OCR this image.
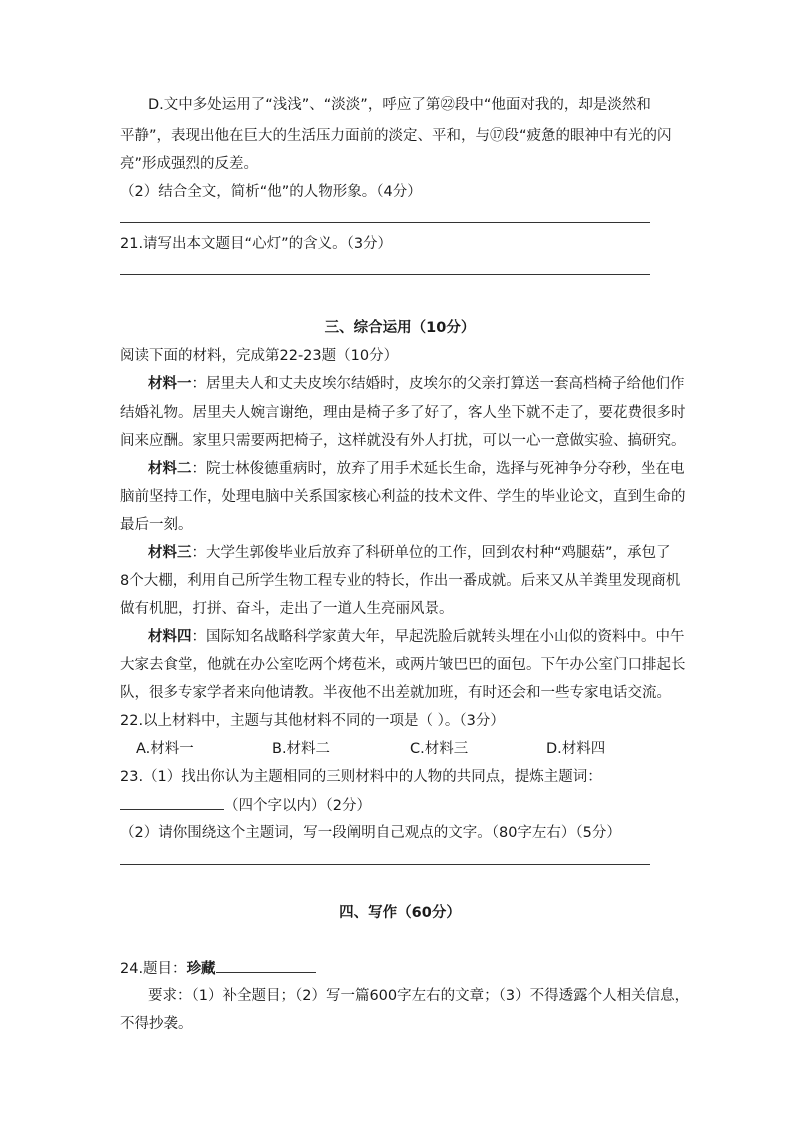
D.文中多处运用了“浅浅”、“淡淡”，呼应了第㉒段中“他面对我的，却是淡然和
平静”，表现出他在巨大的生活压力面前的淡定、平和，与⑰段“疲惫的眼神中有光的闪
亮”形成强烈的反差。
（2）结合全文，简析“他”的人物形象。（4分）
21.请写出本文题目“心灯”的含义。（3分）
三、综合运用（10分）
阅读下面的材料，完成第22-23题（10分）
材料一：居里夫人和丈夫皮埃尔结婚时，皮埃尔的父亲打算送一套高档椅子给他们作
结婚礼物。居里夫人婉言谢绝，理由是椅子多了好了，客人坐下就不走了，要花费很多时
间来应酬。家里只需要两把椅子，这样就没有外人打扰，可以一心一意做实验、搞研究。
材料二：院士林俊德重病时，放弃了用手术延长生命，选择与死神争分夺秒，坐在电
脑前坚持工作，处理电脑中关系国家核心利益的技术文件、学生的毕业论文，直到生命的
最后一刻。
材料三：大学生郭俊毕业后放弃了科研单位的工作，回到农村种“鸡腿菇”，承包了
8个大棚，利用自己所学生物工程专业的特长，作出一番成就。后来又从羊粪里发现商机
做有机肥，打拼、奋斗，走出了一道人生亮丽风景。
材料四：国际知名战略科学家黄大年，早起洗脸后就转头埋在小山似的资料中。中午
大家去食堂，他就在办公室吃两个烤苞米，或两片皱巴巴的面包。下午办公室门口排起长
队，很多专家学者来向他请教。半夜他不出差就加班，有时还会和一些专家电话交流。
22.以上材料中，主题与其他材料不同的一项是（ ）。（3分）
A.材料一	B.材料二	C.材料三	D.材料四
23.（1）找出你认为主题相同的三则材料中的人物的共同点，提炼主题词：
（四个字以内）（2分）
（2）请你围绕这个主题词，写一段阐明自己观点的文字。（80字左右）（5分）
四、写作（60分）
24.题目：珍藏
要求：（1）补全题目；（2）写一篇600字左右的文章；（3）不得透露个人相关信息，
不得抄袭。
